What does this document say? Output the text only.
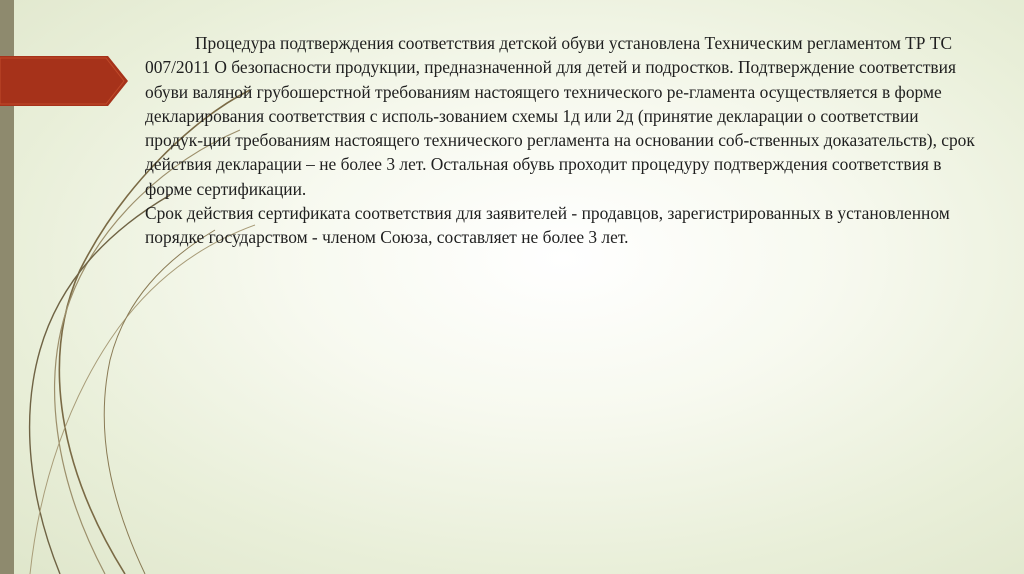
Процедура подтверждения соответствия детской обуви установлена Техническим регламентом ТР ТС 007/2011 О безопасности продукции, предназначенной для детей и подростков. Подтверждение соответствия обуви валяной грубошерстной требованиям настоящего технического ре-гламента осуществляется в форме декларирования соответствия с исполь-зованием схемы 1д или 2д (принятие декларации о соответствии продук-ции требованиям настоящего технического регламента на основании соб-ственных доказательств), срок действия декларации – не более 3 лет. Остальная обувь проходит процедуру подтверждения соответствия в форме сертификации.

Срок действия сертификата соответствия для заявителей - продавцов, зарегистрированных в установленном порядке государством - членом Союза, составляет не более 3 лет.
